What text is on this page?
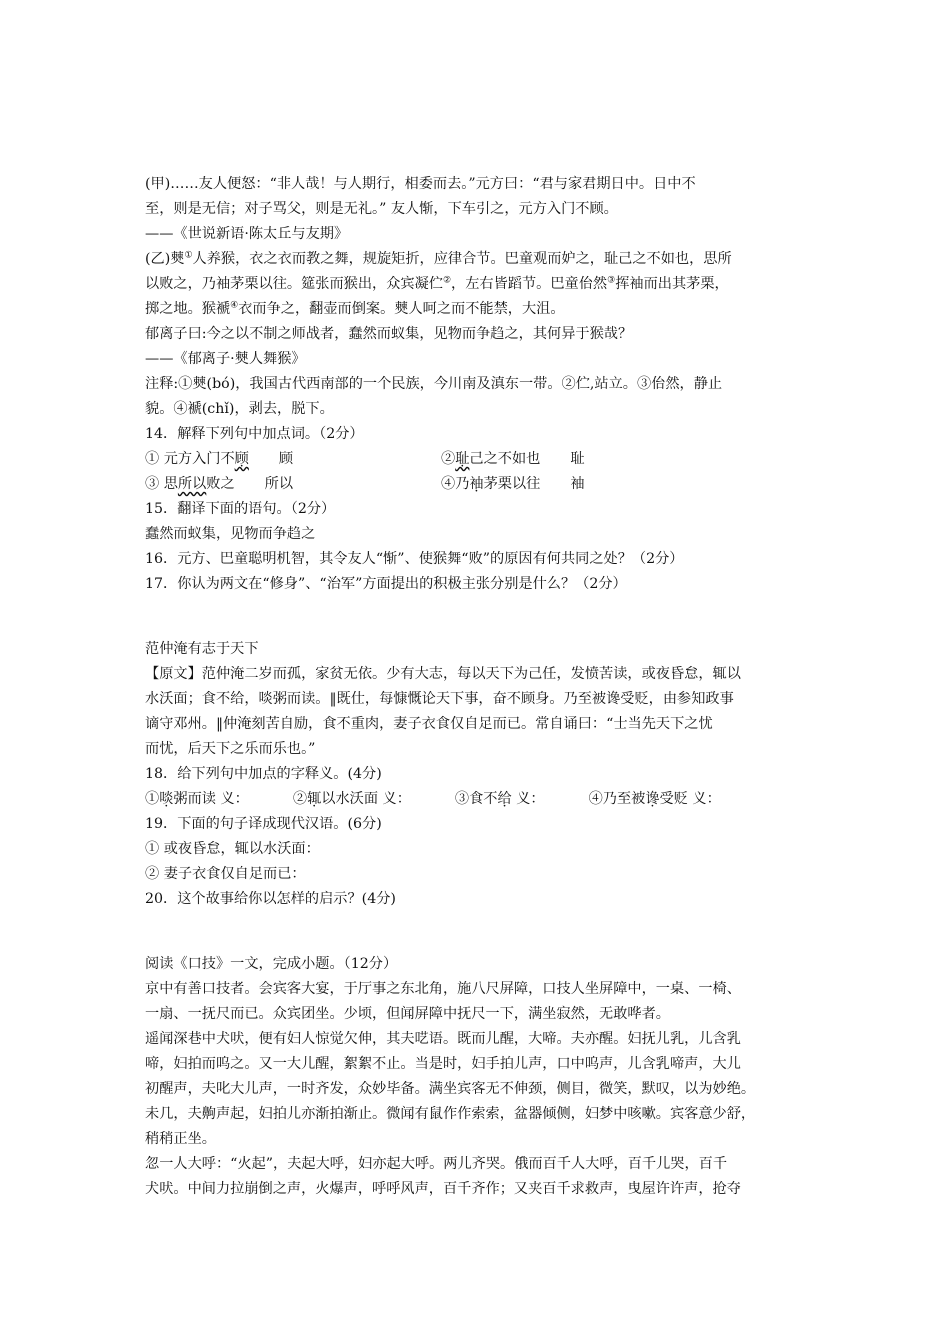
(甲)……友人便怒：“非人哉！与人期行，相委而去。”元方曰：“君与家君期日中。日中不
至，则是无信；对子骂父，则是无礼。” 友人惭，下车引之，元方入门不顾。
——《世说新语·陈太丘与友期》
(乙)僰①人养猴，衣之衣而教之舞，规旋矩折，应律合节。巴童观而妒之，耻己之不如也，思所
以败之，乃袖茅栗以往。筵张而猴出，众宾凝伫②，左右皆蹈节。巴童佁然③挥袖而出其茅栗，
掷之地。猴褫④衣而争之，翻壶而倒案。僰人呵之而不能禁，大沮。
郁离子曰:今之以不制之师战者，蠢然而蚁集，见物而争趋之，其何异于猴哉？
——《郁离子·僰人舞猴》
注释:①僰(bó)，我国古代西南部的一个民族，今川南及滇东一带。②伫,站立。③佁然，静止
貌。④褫(chǐ)，剥去，脱下。
14．解释下列句中加点词。（2分）
① 元方入门不顾 顾	②耻己之不如也 耻
③ 思所以败之 所以	④乃袖茅栗以往 袖
15．翻译下面的语句。（2分）
蠢然而蚁集，见物而争趋之
16．元方、巴童聪明机智，其令友人“惭”、使猴舞“败”的原因有何共同之处？（2分）
17．你认为两文在“修身”、“治军”方面提出的积极主张分别是什么？（2分）
范仲淹有志于天下
【原文】范仲淹二岁而孤，家贫无依。少有大志，每以天下为己任，发愤苦读，或夜昏怠，辄以
水沃面；食不给，啖粥而读。‖既仕，每慷慨论天下事，奋不顾身。乃至被谗受贬，由参知政事
谪守邓州。‖仲淹刻苦自励，食不重肉，妻子衣食仅自足而已。常自诵曰：“士当先天下之忧
而忧，后天下之乐而乐也。”
18．给下列句中加点的字释义。(4分)
①啖粥而读 义：	②辄以水沃面 义：	③食不给 义：	④乃至被谗受贬 义：
19．下面的句子译成现代汉语。(6分)
① 或夜昏怠，辄以水沃面：
② 妻子衣食仅自足而已：
20．这个故事给你以怎样的启示？(4分)
阅读《口技》一文，完成小题。（12分）
京中有善口技者。会宾客大宴，于厅事之东北角，施八尺屏障，口技人坐屏障中，一桌、一椅、
一扇、一抚尺而已。众宾团坐。少顷，但闻屏障中抚尺一下，满坐寂然，无敢哗者。
遥闻深巷中犬吠，便有妇人惊觉欠伸，其夫呓语。既而儿醒，大啼。夫亦醒。妇抚儿乳，儿含乳
啼，妇拍而呜之。又一大儿醒，絮絮不止。当是时，妇手拍儿声，口中呜声，儿含乳啼声，大儿
初醒声，夫叱大儿声，一时齐发，众妙毕备。满坐宾客无不伸颈，侧目，微笑，默叹，以为妙绝。
未几，夫齁声起，妇拍儿亦渐拍渐止。微闻有鼠作作索索，盆器倾侧，妇梦中咳嗽。宾客意少舒，
稍稍正坐。
忽一人大呼：“火起”，夫起大呼，妇亦起大呼。两儿齐哭。俄而百千人大呼，百千儿哭，百千
犬吠。中间力拉崩倒之声，火爆声，呼呼风声，百千齐作；又夹百千求救声，曳屋许许声，抢夺
